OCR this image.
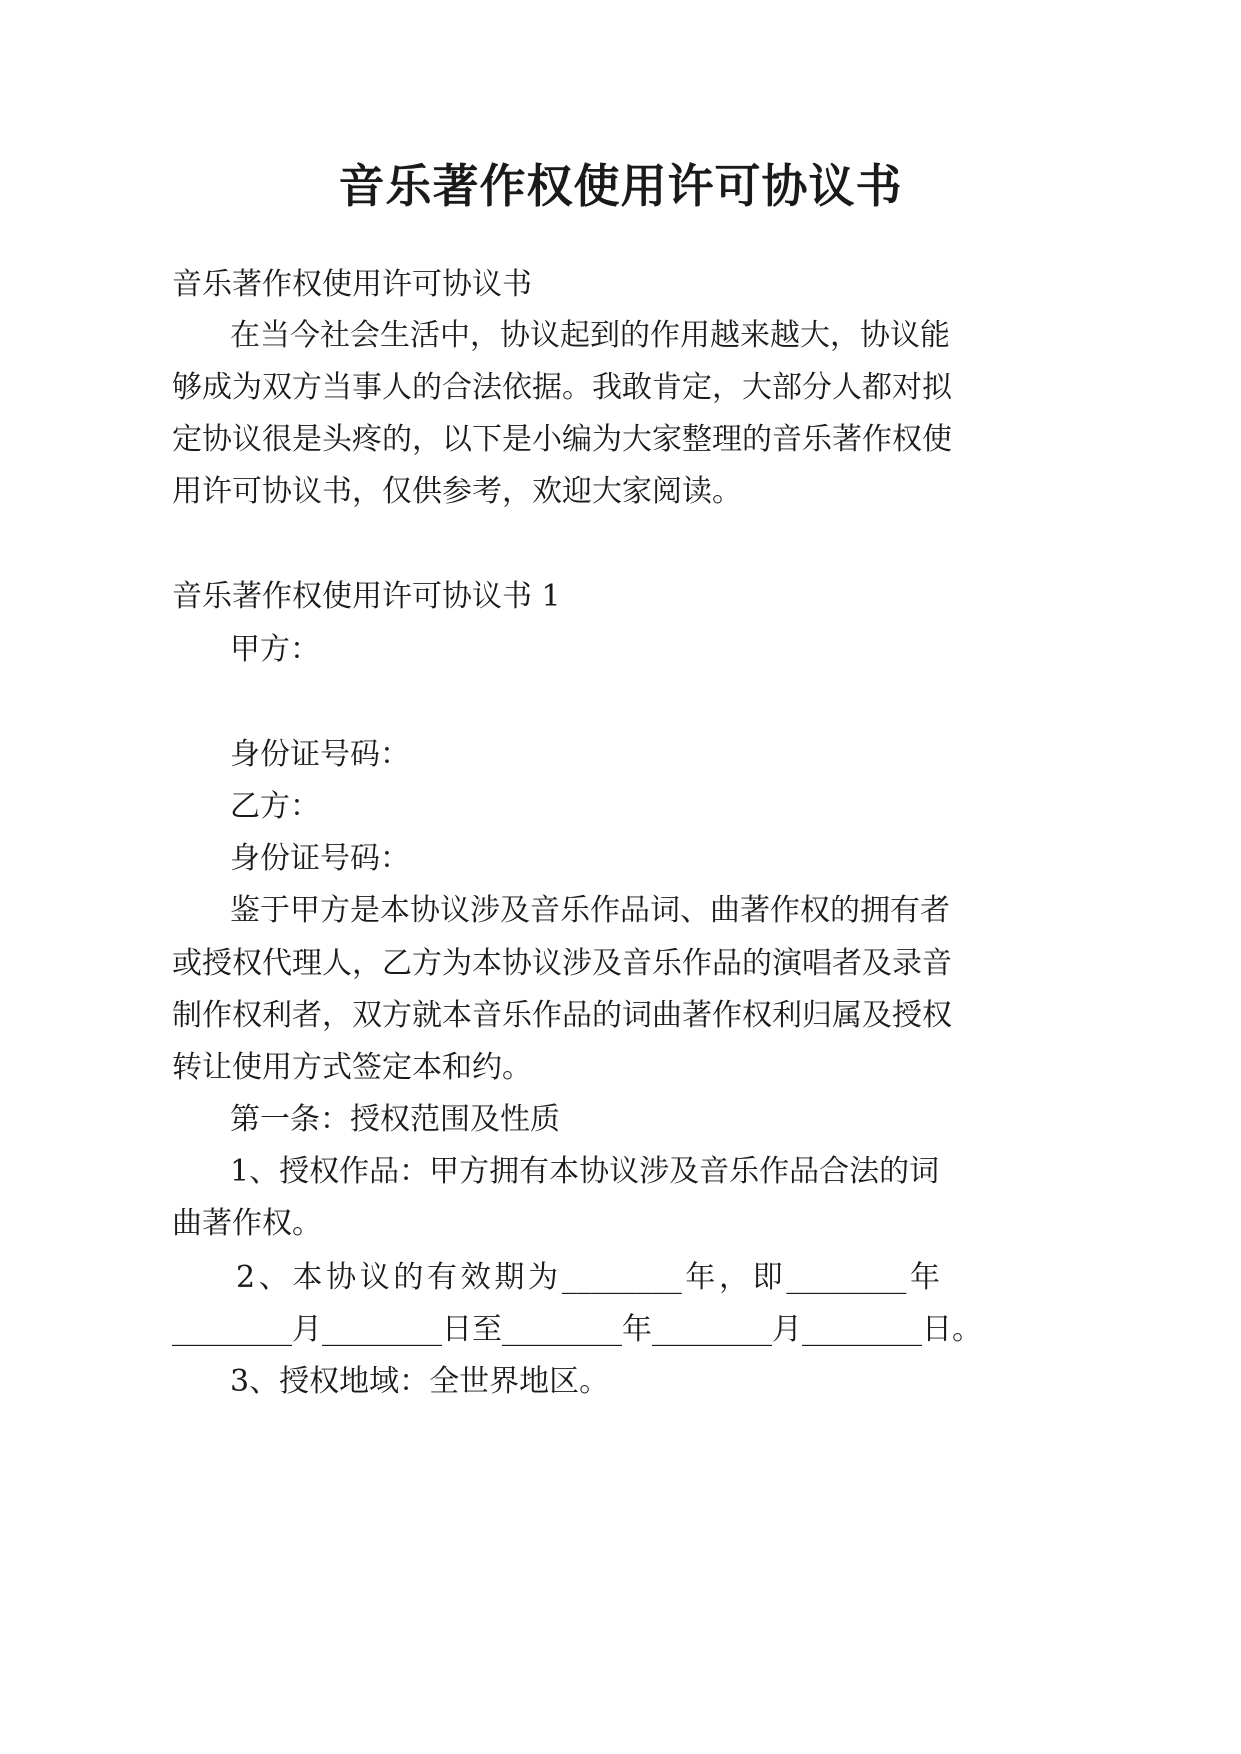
音乐著作权使用许可协议书
音乐著作权使用许可协议书
在当今社会生活中，协议起到的作用越来越大，协议能
够成为双方当事人的合法依据。我敢肯定，大部分人都对拟
定协议很是头疼的，以下是小编为大家整理的音乐著作权使
用许可协议书，仅供参考，欢迎大家阅读。
音乐著作权使用许可协议书 1
甲方：
身份证号码：
乙方：
身份证号码：
鉴于甲方是本协议涉及音乐作品词、曲著作权的拥有者
或授权代理人，乙方为本协议涉及音乐作品的演唱者及录音
制作权利者，双方就本音乐作品的词曲著作权利归属及授权
转让使用方式签定本和约。
第一条：授权范围及性质
1、授权作品：甲方拥有本协议涉及音乐作品合法的词
曲著作权。
2、本协议的有效期为________年，即________年
________月________日至________年________月________日。
3、授权地域：全世界地区。
